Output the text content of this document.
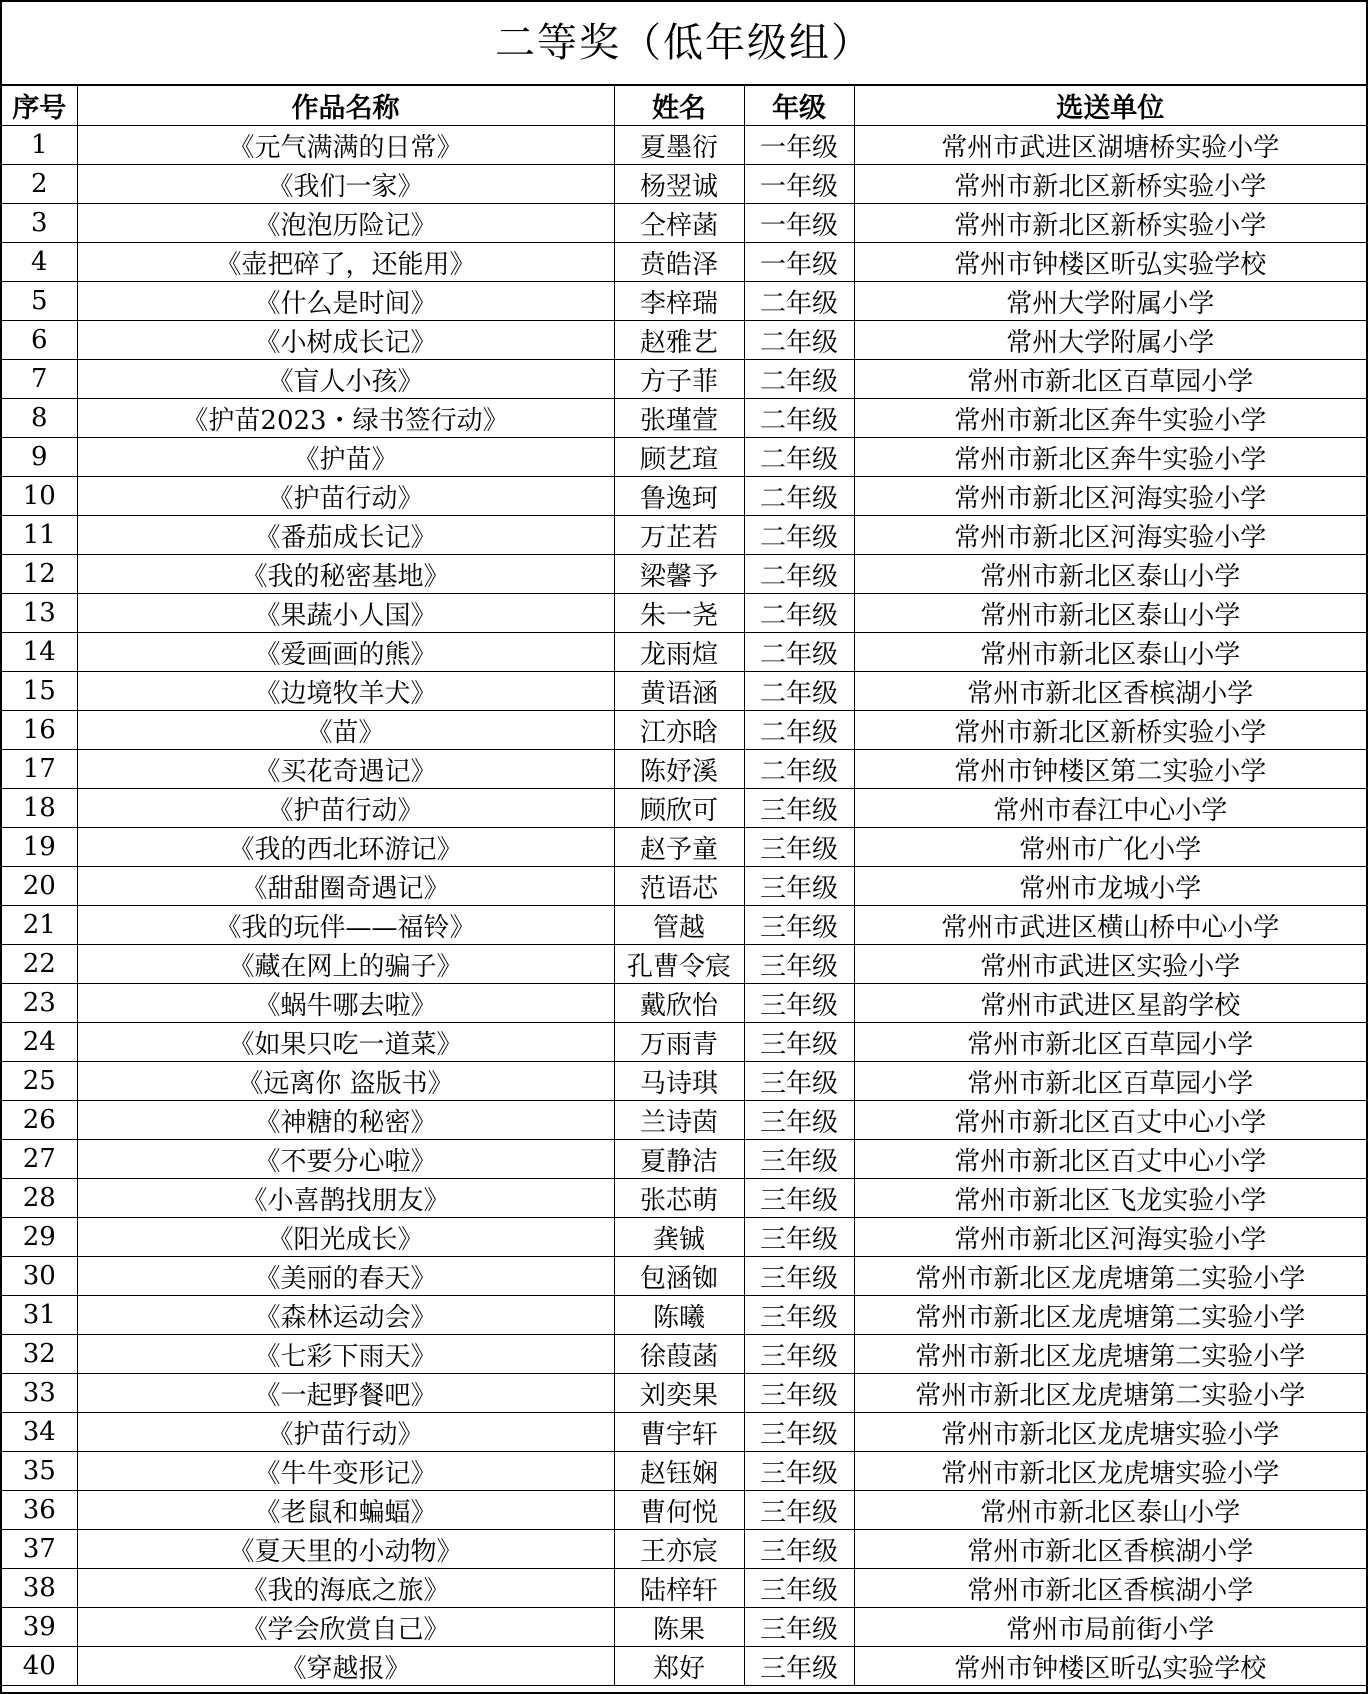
二等奖（低年级组）
序号	作品名称	姓名	年级	选送单位
1	《元气满满的日常》	夏墨衍	一年级	常州市武进区湖塘桥实验小学
2	《我们一家》	杨翌诚	一年级	常州市新北区新桥实验小学
3	《泡泡历险记》	仝梓菡	一年级	常州市新北区新桥实验小学
4	《壶把碎了，还能用》	贲皓泽	一年级	常州市钟楼区昕弘实验学校
5	《什么是时间》	李梓瑞	二年级	常州大学附属小学
6	《小树成长记》	赵雅艺	二年级	常州大学附属小学
7	《盲人小孩》	方子菲	二年级	常州市新北区百草园小学
8	《护苗2023・绿书签行动》	张瑾萱	二年级	常州市新北区奔牛实验小学
9	《护苗》	顾艺瑄	二年级	常州市新北区奔牛实验小学
10	《护苗行动》	鲁逸珂	二年级	常州市新北区河海实验小学
11	《番茄成长记》	万芷若	二年级	常州市新北区河海实验小学
12	《我的秘密基地》	梁馨予	二年级	常州市新北区泰山小学
13	《果蔬小人国》	朱一尧	二年级	常州市新北区泰山小学
14	《爱画画的熊》	龙雨煊	二年级	常州市新北区泰山小学
15	《边境牧羊犬》	黄语涵	二年级	常州市新北区香槟湖小学
16	《苗》	江亦晗	二年级	常州市新北区新桥实验小学
17	《买花奇遇记》	陈妤溪	二年级	常州市钟楼区第二实验小学
18	《护苗行动》	顾欣可	三年级	常州市春江中心小学
19	《我的西北环游记》	赵予童	三年级	常州市广化小学
20	《甜甜圈奇遇记》	范语芯	三年级	常州市龙城小学
21	《我的玩伴——福铃》	管越	三年级	常州市武进区横山桥中心小学
22	《藏在网上的骗子》	孔曹令宸	三年级	常州市武进区实验小学
23	《蜗牛哪去啦》	戴欣怡	三年级	常州市武进区星韵学校
24	《如果只吃一道菜》	万雨青	三年级	常州市新北区百草园小学
25	《远离你 盗版书》	马诗琪	三年级	常州市新北区百草园小学
26	《神糖的秘密》	兰诗茵	三年级	常州市新北区百丈中心小学
27	《不要分心啦》	夏静洁	三年级	常州市新北区百丈中心小学
28	《小喜鹊找朋友》	张芯萌	三年级	常州市新北区飞龙实验小学
29	《阳光成长》	龚铖	三年级	常州市新北区河海实验小学
30	《美丽的春天》	包涵铷	三年级	常州市新北区龙虎塘第二实验小学
31	《森林运动会》	陈曦	三年级	常州市新北区龙虎塘第二实验小学
32	《七彩下雨天》	徐葭菡	三年级	常州市新北区龙虎塘第二实验小学
33	《一起野餐吧》	刘奕果	三年级	常州市新北区龙虎塘第二实验小学
34	《护苗行动》	曹宇轩	三年级	常州市新北区龙虎塘实验小学
35	《牛牛变形记》	赵钰娴	三年级	常州市新北区龙虎塘实验小学
36	《老鼠和蝙蝠》	曹何悦	三年级	常州市新北区泰山小学
37	《夏天里的小动物》	王亦宸	三年级	常州市新北区香槟湖小学
38	《我的海底之旅》	陆梓轩	三年级	常州市新北区香槟湖小学
39	《学会欣赏自己》	陈果	三年级	常州市局前街小学
40	《穿越报》	郑好	三年级	常州市钟楼区昕弘实验学校
